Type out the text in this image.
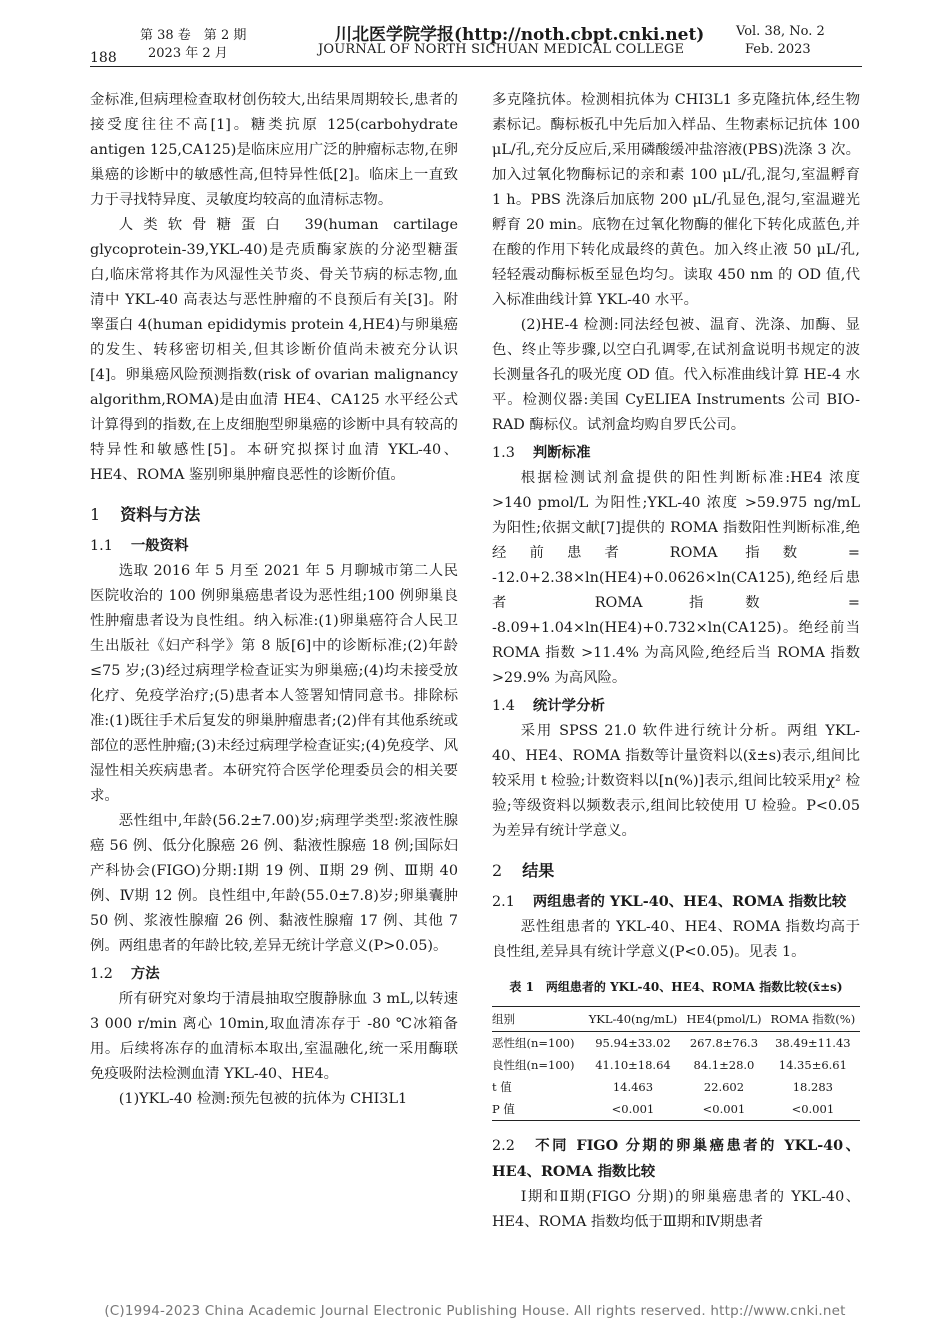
188
第 38 卷　第 2 期
2023 年 2 月
川北医学院学报(http://noth.cbpt.cnki.net)
JOURNAL OF NORTH SICHUAN MEDICAL COLLEGE
Vol. 38, No. 2
Feb. 2023

金标准,但病理检查取材创伤较大,出结果周期较长,患者的接受度往往不高[1]。糖类抗原 125(carbohydrate antigen 125,CA125)是临床应用广泛的肿瘤标志物,在卵巢癌的诊断中的敏感性高,但特异性低[2]。临床上一直致力于寻找特异度、灵敏度均较高的血清标志物。

人类软骨糖蛋白 39(human cartilage glycoprotein-39,YKL-40)是壳质酶家族的分泌型糖蛋白,临床常将其作为风湿性关节炎、骨关节病的标志物,血清中 YKL-40 高表达与恶性肿瘤的不良预后有关[3]。附睾蛋白 4(human epididymis protein 4,HE4)与卵巢癌的发生、转移密切相关,但其诊断价值尚未被充分认识[4]。卵巢癌风险预测指数(risk of ovarian malignancy algorithm,ROMA)是由血清 HE4、CA125 水平经公式计算得到的指数,在上皮细胞型卵巢癌的诊断中具有较高的特异性和敏感性[5]。本研究拟探讨血清 YKL-40、HE4、ROMA 鉴别卵巢肿瘤良恶性的诊断价值。

1 资料与方法
1.1 一般资料

选取 2016 年 5 月至 2021 年 5 月聊城市第二人民医院收治的 100 例卵巢癌患者设为恶性组;100 例卵巢良性肿瘤患者设为良性组。纳入标准:(1)卵巢癌符合人民卫生出版社《妇产科学》第 8 版[6]中的诊断标准;(2)年龄≤75 岁;(3)经过病理学检查证实为卵巢癌;(4)均未接受放化疗、免疫学治疗;(5)患者本人签署知情同意书。排除标准:(1)既往手术后复发的卵巢肿瘤患者;(2)伴有其他系统或部位的恶性肿瘤;(3)未经过病理学检查证实;(4)免疫学、风湿性相关疾病患者。本研究符合医学伦理委员会的相关要求。

恶性组中,年龄(56.2±7.00)岁;病理学类型:浆液性腺癌 56 例、低分化腺癌 26 例、黏液性腺癌 18 例;国际妇产科协会(FIGO)分期:Ⅰ期 19 例、Ⅱ期 29 例、Ⅲ期 40 例、Ⅳ期 12 例。良性组中,年龄(55.0±7.8)岁;卵巢囊肿 50 例、浆液性腺瘤 26 例、黏液性腺瘤 17 例、其他 7 例。两组患者的年龄比较,差异无统计学意义(P>0.05)。

1.2 方法

所有研究对象均于清晨抽取空腹静脉血 3 mL,以转速 3 000 r/min 离心 10min,取血清冻存于 -80 ℃冰箱备用。后续将冻存的血清标本取出,室温融化,统一采用酶联免疫吸附法检测血清 YKL-40、HE4。

(1)YKL-40 检测:预先包被的抗体为 CHI3L1

多克隆抗体。检测相抗体为 CHI3L1 多克隆抗体,经生物素标记。酶标板孔中先后加入样品、生物素标记抗体 100 μL/孔,充分反应后,采用磷酸缓冲盐溶液(PBS)洗涤 3 次。加入过氧化物酶标记的亲和素 100 μL/孔,混匀,室温孵育 1 h。PBS 洗涤后加底物 200 μL/孔显色,混匀,室温避光孵育 20 min。底物在过氧化物酶的催化下转化成蓝色,并在酸的作用下转化成最终的黄色。加入终止液 50 μL/孔,轻轻震动酶标板至显色均匀。读取 450 nm 的 OD 值,代入标准曲线计算 YKL-40 水平。

(2)HE-4 检测:同法经包被、温育、洗涤、加酶、显色、终止等步骤,以空白孔调零,在试剂盒说明书规定的波长测量各孔的吸光度 OD 值。代入标准曲线计算 HE-4 水平。检测仪器:美国 CyELIEA Instruments 公司 BIO-RAD 酶标仪。试剂盒均购自罗氏公司。

1.3 判断标准

根据检测试剂盒提供的阳性判断标准:HE4 浓度 >140 pmol/L 为阳性;YKL-40 浓度 >59.975 ng/mL 为阳性;依据文献[7]提供的 ROMA 指数阳性判断标准,绝经前患者 ROMA 指数 = -12.0+2.38×ln(HE4)+0.0626×ln(CA125),绝经后患者 ROMA 指数 = -8.09+1.04×ln(HE4)+0.732×ln(CA125)。绝经前当 ROMA 指数 >11.4% 为高风险,绝经后当 ROMA 指数 >29.9% 为高风险。

1.4 统计学分析

采用 SPSS 21.0 软件进行统计分析。两组 YKL-40、HE4、ROMA 指数等计量资料以(x̄±s)表示,组间比较采用 t 检验;计数资料以[n(%)]表示,组间比较采用χ² 检验;等级资料以频数表示,组间比较使用 U 检验。P<0.05 为差异有统计学意义。

2 结果
2.1 两组患者的 YKL-40、HE4、ROMA 指数比较

恶性组患者的 YKL-40、HE4、ROMA 指数均高于良性组,差异具有统计学意义(P<0.05)。见表 1。

表 1　两组患者的 YKL-40、HE4、ROMA 指数比较(x̄±s)
组别	YKL-40(ng/mL)	HE4(pmol/L)	ROMA 指数(%)
恶性组(n=100)	95.94±33.02	267.8±76.3	38.49±11.43
良性组(n=100)	41.10±18.64	84.1±28.0	14.35±6.61
t 值	14.463	22.602	18.283
P 值	<0.001	<0.001	<0.001
2.2 不同 FIGO 分期的卵巢癌患者的 YKL-40、HE4、ROMA 指数比较

Ⅰ期和Ⅱ期(FIGO 分期)的卵巢癌患者的 YKL-40、HE4、ROMA 指数均低于Ⅲ期和Ⅳ期患者

(C)1994-2023 China Academic Journal Electronic Publishing House. All rights reserved. http://www.cnki.net
